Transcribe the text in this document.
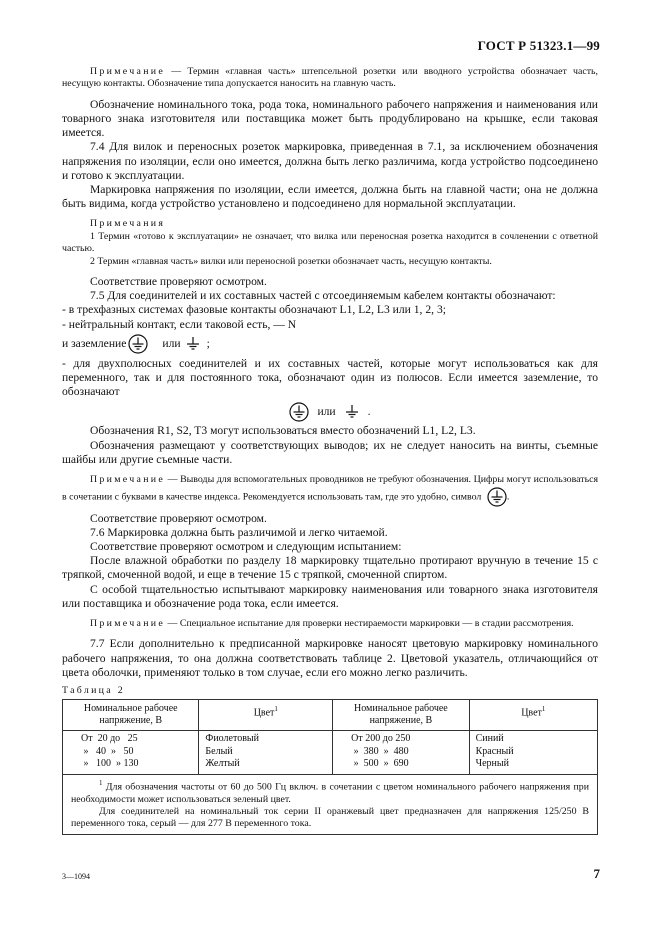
ГОСТ Р 51323.1—99

Примечание — Термин «главная часть» штепсельной розетки или вводного устройства обозначает часть, несущую контакты. Обозначение типа допускается наносить на главную часть.

Обозначение номинального тока, рода тока, номинального рабочего напряжения и наименования или товарного знака изготовителя или поставщика может быть продублировано на крышке, если таковая имеется.

7.4 Для вилок и переносных розеток маркировка, приведенная в 7.1, за исключением обозначения напряжения по изоляции, если оно имеется, должна быть легко различима, когда устройство подсоединено и готово к эксплуатации.

Маркировка напряжения по изоляции, если имеется, должна быть на главной части; она не должна быть видима, когда устройство установлено и подсоединено для нормальной эксплуатации.

Примечания

1 Термин «готово к эксплуатации» не означает, что вилка или переносная розетка находится в сочленении с ответной частью.

2 Термин «главная часть» вилки или переносной розетки обозначает часть, несущую контакты.

Соответствие проверяют осмотром.

7.5 Для соединителей и их составных частей с отсоединяемым кабелем контакты обозначают:

- в трехфазных системах фазовые контакты обозначают L1, L2, L3 или 1, 2, 3;

- нейтральный контакт, если таковой есть, — N

и заземление	или ;

- для двухполюсных соединителей и их составных частей, которые могут использоваться как для переменного, так и для постоянного тока, обозначают один из полюсов. Если имеется заземление, то обозначают

или	.

Обозначения R1, S2, T3 могут использоваться вместо обозначений L1, L2, L3.

Обозначения размещают у соответствующих выводов; их не следует наносить на винты, съемные шайбы или другие съемные части.

Примечание — Выводы для вспомогательных проводников не требуют обозначения. Цифры могут использоваться в сочетании с буквами в качестве индекса. Рекомендуется использовать там, где это удобно, символ	.

Соответствие проверяют осмотром.

7.6 Маркировка должна быть различимой и легко читаемой.

Соответствие проверяют осмотром и следующим испытанием:

После влажной обработки по разделу 18 маркировку тщательно протирают вручную в течение 15 с тряпкой, смоченной водой, и еще в течение 15 с тряпкой, смоченной спиртом.

С особой тщательностью испытывают маркировку наименования или товарного знака изготовителя или поставщика и обозначение рода тока, если имеется.

Примечание — Специальное испытание для проверки нестираемости маркировки — в стадии рассмотрения.

7.7 Если дополнительно к предписанной маркировке наносят цветовую маркировку номинального рабочего напряжения, то она должна соответствовать таблице 2. Цветовой указатель, отличающийся от цвета оболочки, применяют только в том случае, если его можно легко различить.

Таблица 2
Номинальное рабочее напряжение, В	Цвет$^1$	Номинальное рабочее напряжение, В	Цвет$^1$

От  20 до   25
»   40  »   50
»   100  » 130	Фиолетовый
Белый
Желтый	От 200 до 250
»  380  »  480
»  500  »  690	Синий
Красный
Черный

$^1$ Для обозначения частоты от 60 до 500 Гц включ. в сочетании с цветом номинального рабочего напряжения при необходимости может использоваться зеленый цвет.

Для соединителей на номинальный ток серии II оранжевый цвет предназначен для напряжения 125/250 В переменного тока, серый — для 277 В переменного тока.			

3—1094	7
